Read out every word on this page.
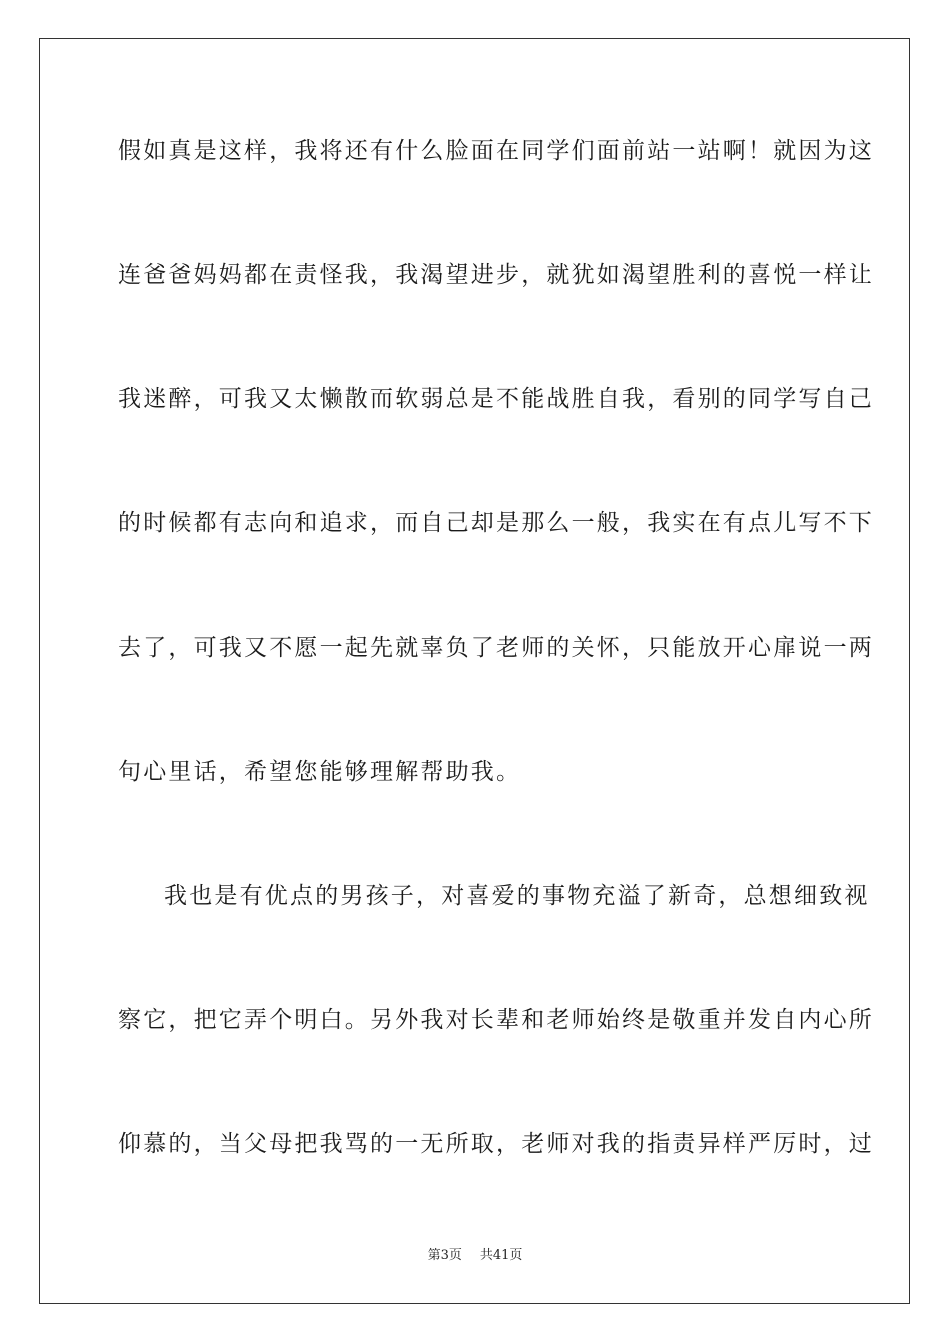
假如真是这样，我将还有什么脸面在同学们面前站一站啊！就因为这

连爸爸妈妈都在责怪我，我渴望进步，就犹如渴望胜利的喜悦一样让

我迷醉，可我又太懒散而软弱总是不能战胜自我，看别的同学写自己

的时候都有志向和追求，而自己却是那么一般，我实在有点儿写不下

去了，可我又不愿一起先就辜负了老师的关怀，只能放开心扉说一两

句心里话，希望您能够理解帮助我。

我也是有优点的男孩子，对喜爱的事物充溢了新奇，总想细致视

察它，把它弄个明白。另外我对长辈和老师始终是敬重并发自内心所

仰慕的，当父母把我骂的一无所取，老师对我的指责异样严厉时，过

第3页 共41页
